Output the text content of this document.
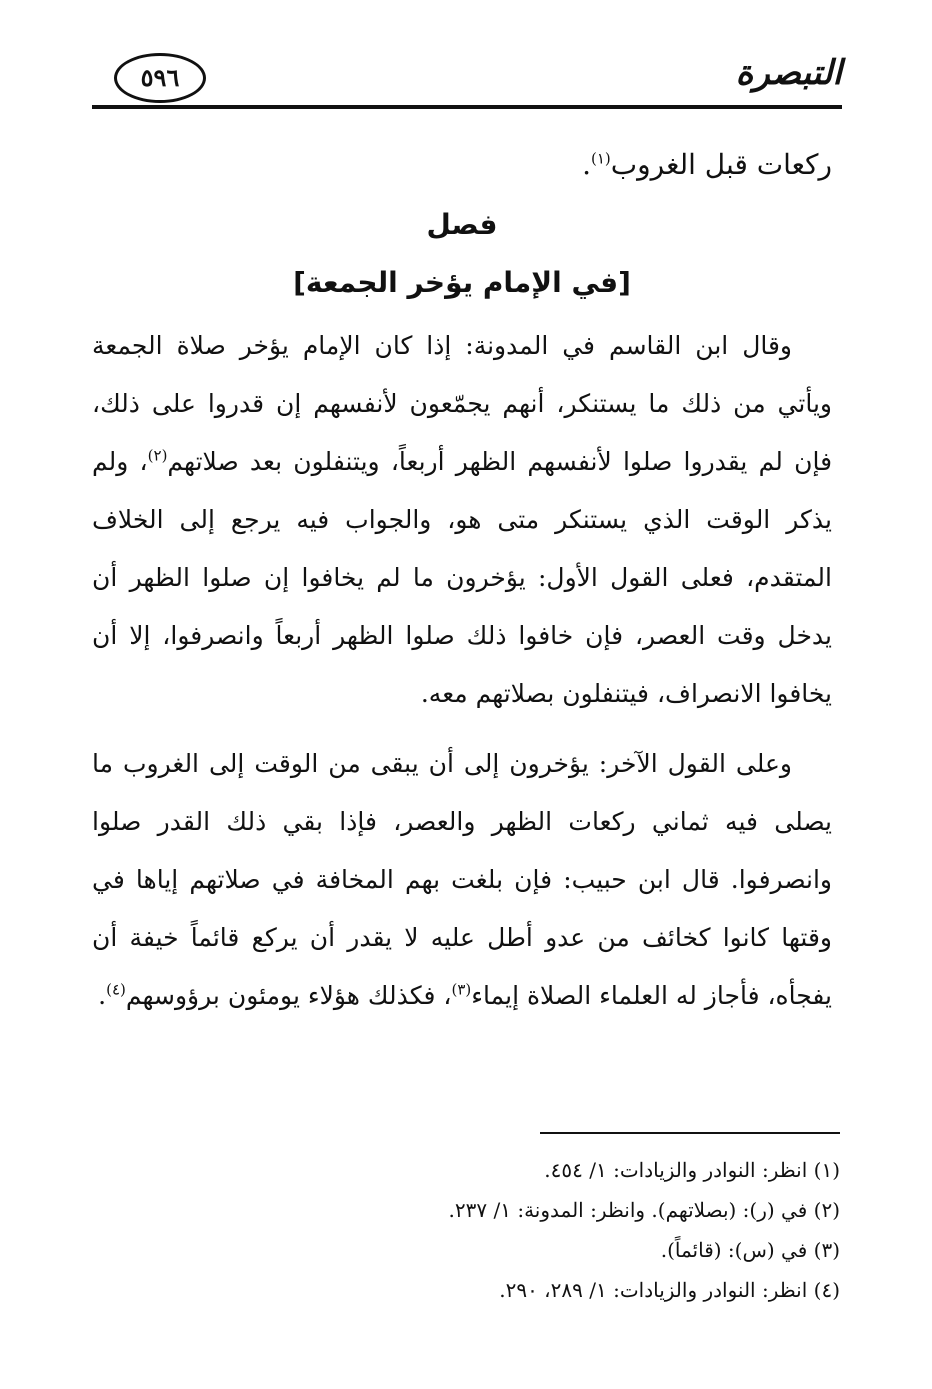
التبصرة
٥٩٦

ركعات قبل الغروب$^{(١)}$.

فصل

[في الإمام يؤخر الجمعة]

وقال ابن القاسم في المدونة: إذا كان الإمام يؤخر صلاة الجمعة ويأتي من ذلك ما يستنكر، أنهم يجمّعون لأنفسهم إن قدروا على ذلك، فإن لم يقدروا صلوا لأنفسهم الظهر أربعاً، ويتنفلون بعد صلاتهم$^{(٢)}$، ولم يذكر الوقت الذي يستنكر متى هو، والجواب فيه يرجع إلى الخلاف المتقدم، فعلى القول الأول: يؤخرون ما لم يخافوا إن صلوا الظهر أن يدخل وقت العصر، فإن خافوا ذلك صلوا الظهر أربعاً وانصرفوا، إلا أن يخافوا الانصراف، فيتنفلون بصلاتهم معه.

وعلى القول الآخر: يؤخرون إلى أن يبقى من الوقت إلى الغروب ما يصلى فيه ثماني ركعات الظهر والعصر، فإذا بقي ذلك القدر صلوا وانصرفوا. قال ابن حبيب: فإن بلغت بهم المخافة في صلاتهم إياها في وقتها كانوا كخائف من عدو أطل عليه لا يقدر أن يركع قائماً خيفة أن يفجأه، فأجاز له العلماء الصلاة إيماء$^{(٣)}$، فكذلك هؤلاء يومئون برؤوسهم$^{(٤)}$.

(١) انظر: النوادر والزيادات: ١/ ٤٥٤.

(٢) في (ر): (بصلاتهم). وانظر: المدونة: ١/ ٢٣٧.

(٣) في (س): (قائماً).

(٤) انظر: النوادر والزيادات: ١/ ٢٨٩، ٢٩٠.
